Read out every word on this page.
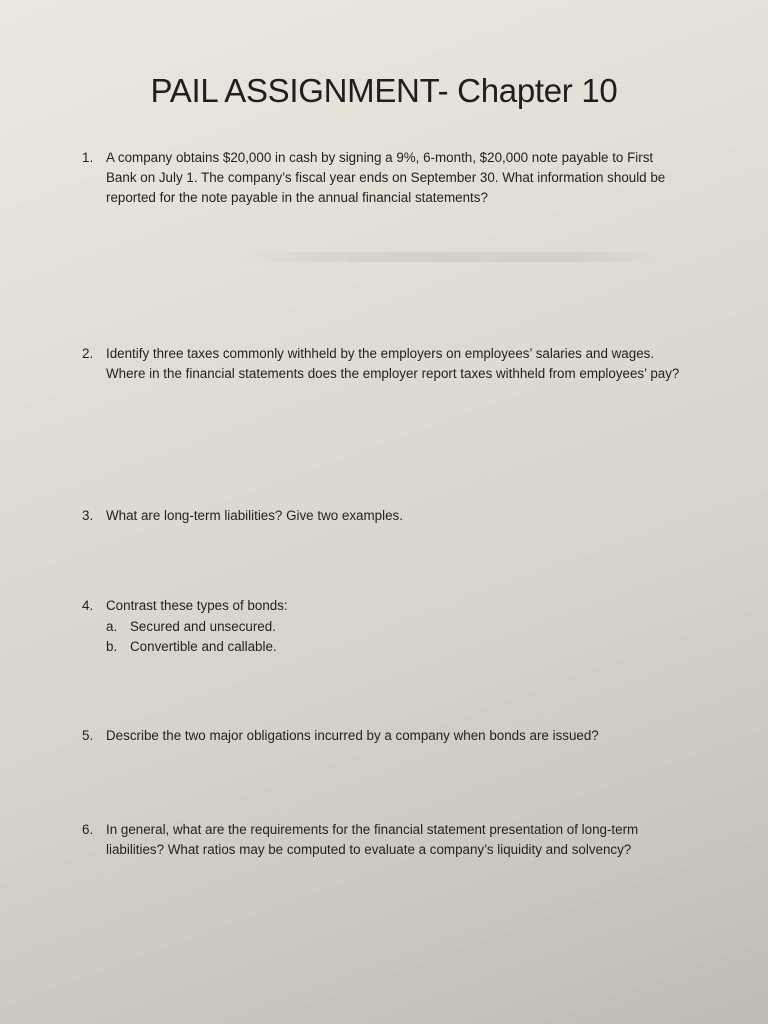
PAIL ASSIGNMENT- Chapter 10
1. A company obtains $20,000 in cash by signing a 9%, 6-month, $20,000 note payable to First Bank on July 1. The company’s fiscal year ends on September 30. What information should be reported for the note payable in the annual financial statements?
2. Identify three taxes commonly withheld by the employers on employees’ salaries and wages. Where in the financial statements does the employer report taxes withheld from employees’ pay?
3. What are long-term liabilities? Give two examples.
4. Contrast these types of bonds:
a. Secured and unsecured.
b. Convertible and callable.
5. Describe the two major obligations incurred by a company when bonds are issued?
6. In general, what are the requirements for the financial statement presentation of long-term liabilities? What ratios may be computed to evaluate a company’s liquidity and solvency?
